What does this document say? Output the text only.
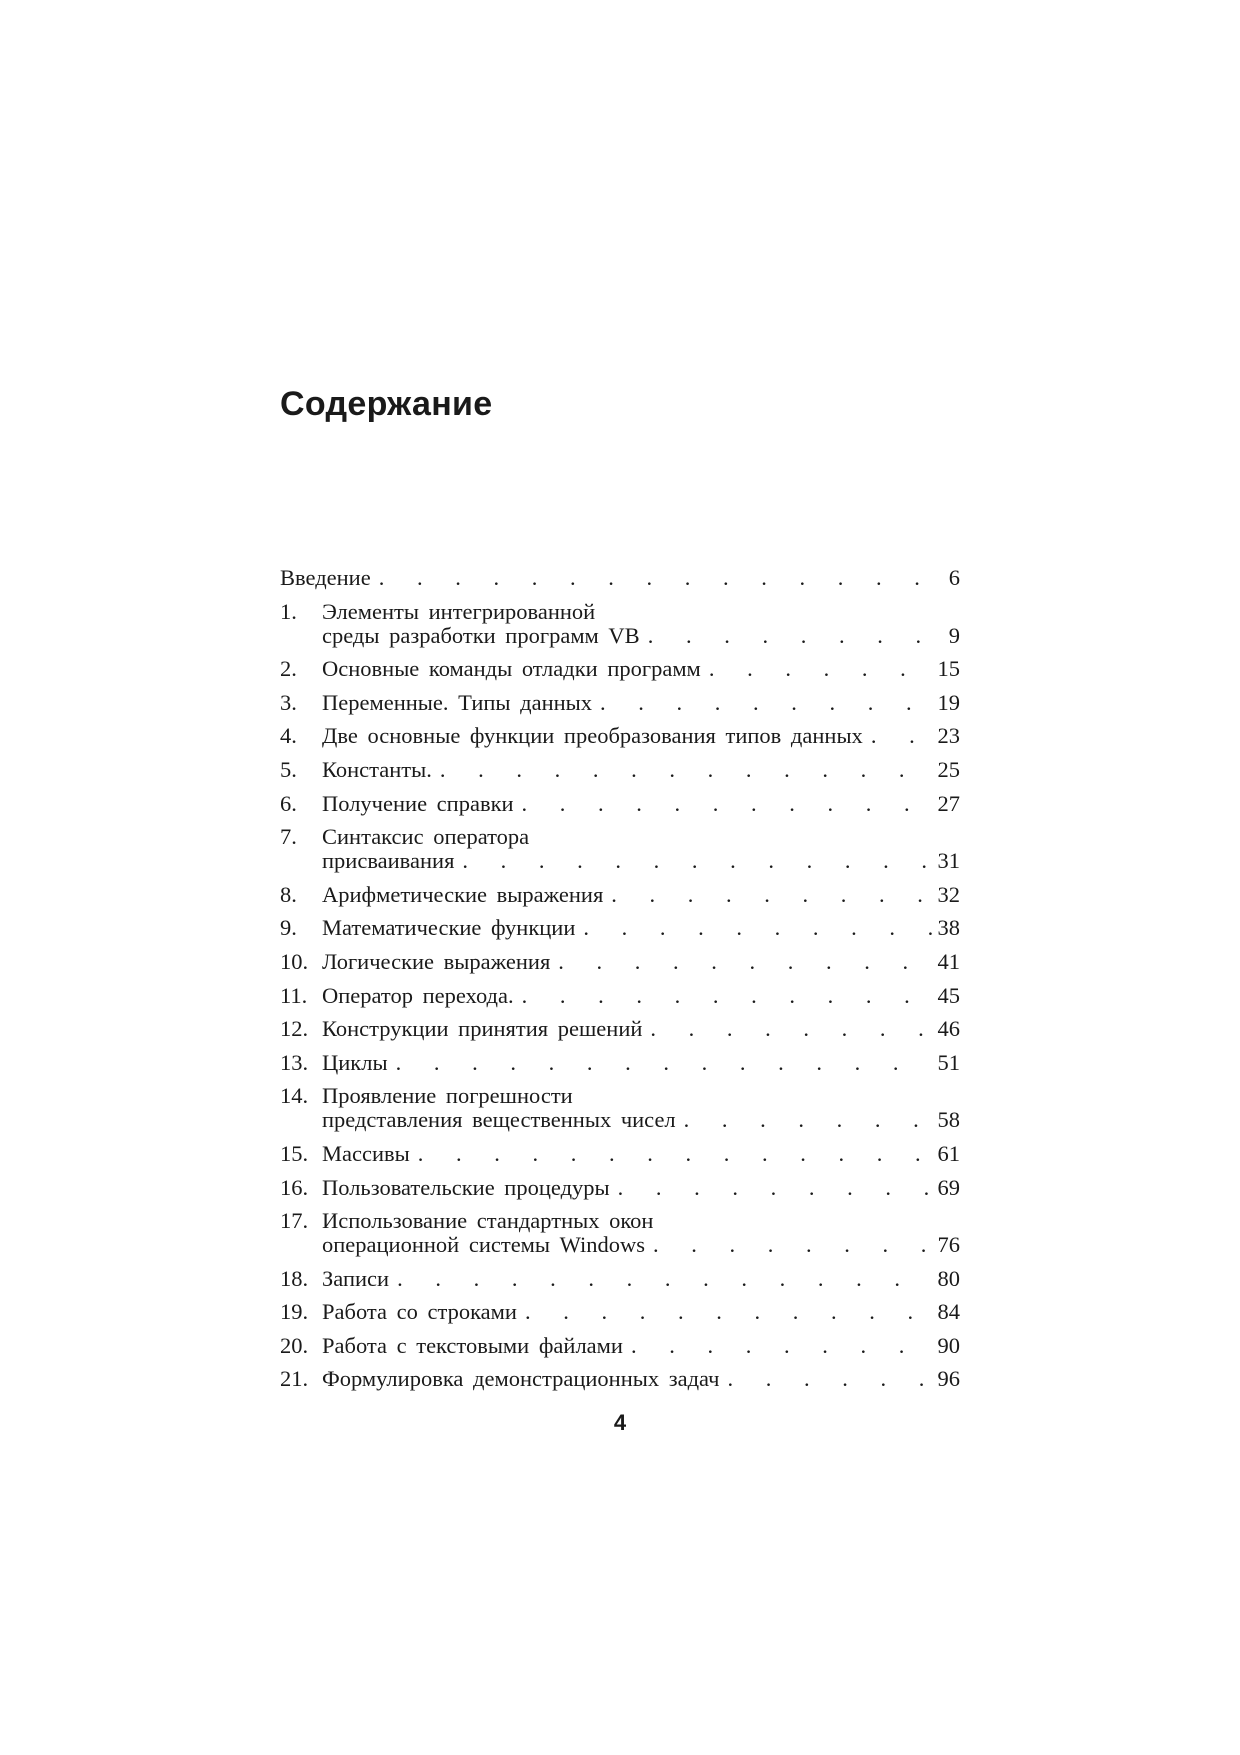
Содержание
Введение . . .	6
1.	Элементы интегрированной
среды разработки программ VB . . .	9
2.	Основные команды отладки программ . . .	15
3.	Переменные. Типы данных . . .	19
4.	Две основные функции преобразования типов данных . . .	23
5.	Константы. . . .	25
6.	Получение справки . . .	27
7.	Синтаксис оператора
присваивания . . .	31
8.	Арифметические выражения . . .	32
9.	Математические функции . . .	38
10. Логические выражения . . .	41
11. Оператор перехода. . . .	45
12. Конструкции принятия решений . . .	46
13. Циклы . . .	51
14. Проявление погрешности
представления вещественных чисел . . .	58
15. Массивы . . .	61
16. Пользовательские процедуры . . .	69
17. Использование стандартных окон
операционной системы Windows . . .	76
18. Записи . . .	80
19. Работа со строками . . .	84
20. Работа с текстовыми файлами . . .	90
21. Формулировка демонстрационных задач . . .	96
4
